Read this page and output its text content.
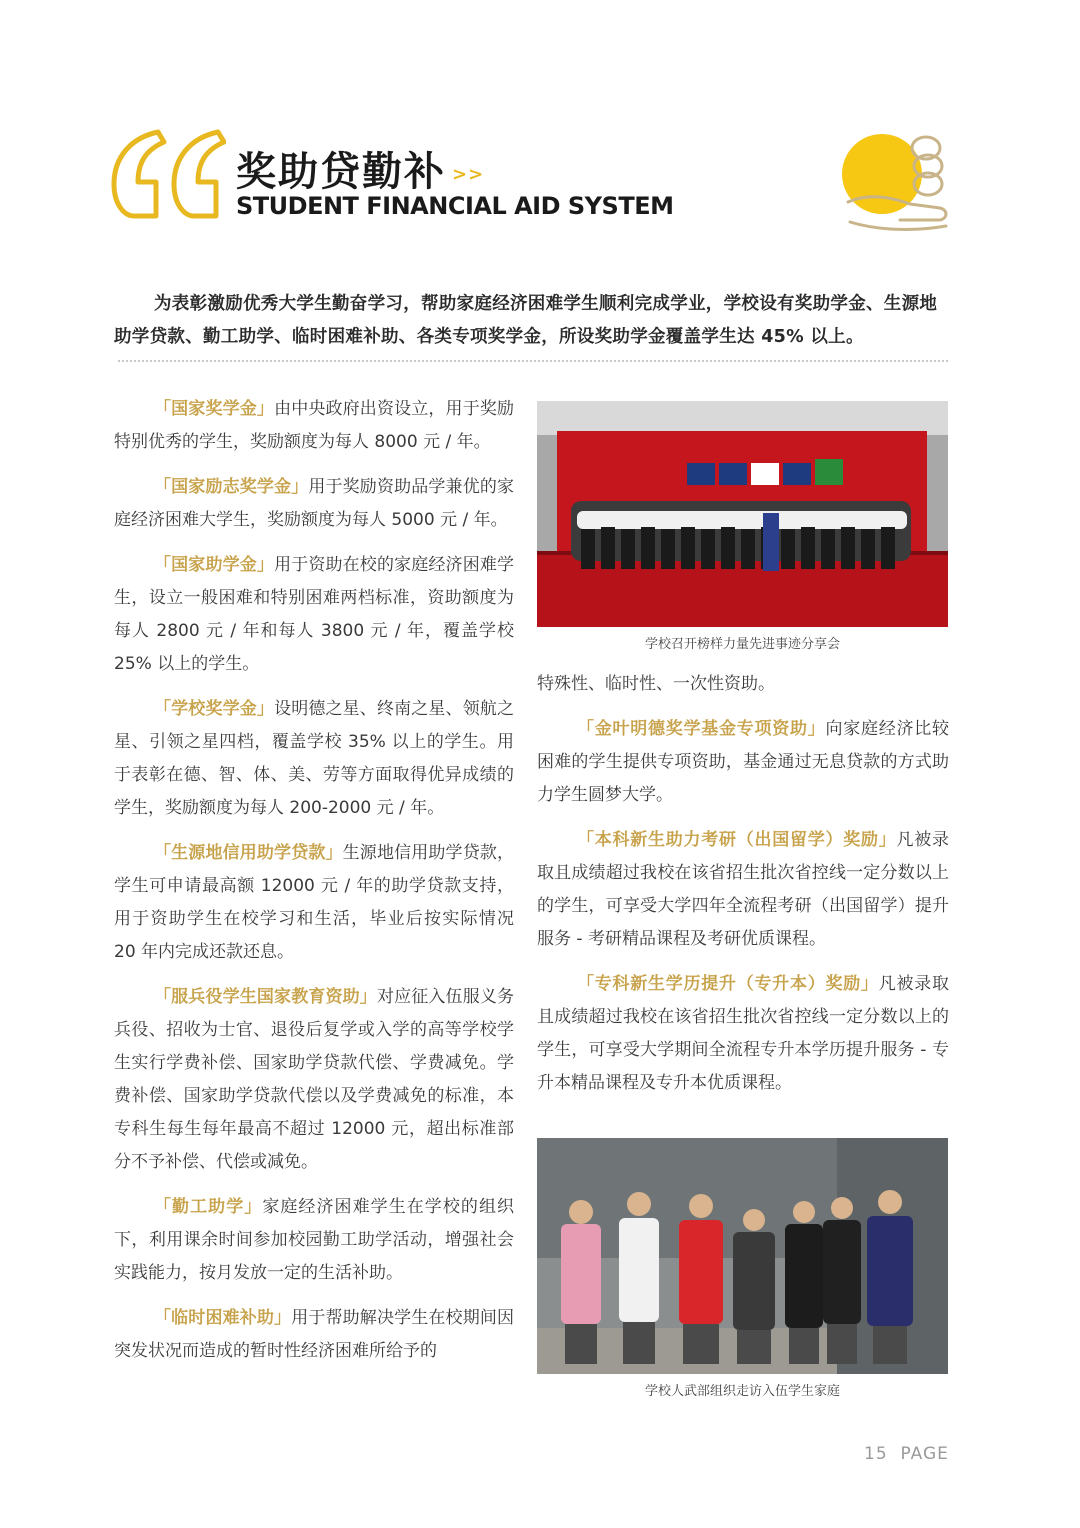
奖助贷勤补 >>
STUDENT FINANCIAL AID SYSTEM

为表彰激励优秀大学生勤奋学习，帮助家庭经济困难学生顺利完成学业，学校设有奖助学金、生源地助学贷款、勤工助学、临时困难补助、各类专项奖学金，所设奖助学金覆盖学生达 45% 以上。

「国家奖学金」由中央政府出资设立，用于奖励特别优秀的学生，奖励额度为每人 8000 元 / 年。

「国家励志奖学金」用于奖励资助品学兼优的家庭经济困难大学生，奖励额度为每人 5000 元 / 年。

「国家助学金」用于资助在校的家庭经济困难学生，设立一般困难和特别困难两档标准，资助额度为每人 2800 元 / 年和每人 3800 元 / 年，覆盖学校 25% 以上的学生。

「学校奖学金」设明德之星、终南之星、领航之星、引领之星四档，覆盖学校 35% 以上的学生。用于表彰在德、智、体、美、劳等方面取得优异成绩的学生，奖励额度为每人 200-2000 元 / 年。

「生源地信用助学贷款」生源地信用助学贷款，学生可申请最高额 12000 元 / 年的助学贷款支持，用于资助学生在校学习和生活，毕业后按实际情况 20 年内完成还款还息。

「服兵役学生国家教育资助」对应征入伍服义务兵役、招收为士官、退役后复学或入学的高等学校学生实行学费补偿、国家助学贷款代偿、学费减免。学费补偿、国家助学贷款代偿以及学费减免的标准，本专科生每生每年最高不超过 12000 元，超出标准部分不予补偿、代偿或减免。

「勤工助学」家庭经济困难学生在学校的组织下，利用课余时间参加校园勤工助学活动，增强社会实践能力，按月发放一定的生活补助。

「临时困难补助」用于帮助解决学生在校期间因突发状况而造成的暂时性经济困难所给予的

学校召开榜样力量先进事迹分享会

特殊性、临时性、一次性资助。

「金叶明德奖学基金专项资助」向家庭经济比较困难的学生提供专项资助，基金通过无息贷款的方式助力学生圆梦大学。

「本科新生助力考研（出国留学）奖励」凡被录取且成绩超过我校在该省招生批次省控线一定分数以上的学生，可享受大学四年全流程考研（出国留学）提升服务 - 考研精品课程及考研优质课程。

「专科新生学历提升（专升本）奖励」凡被录取且成绩超过我校在该省招生批次省控线一定分数以上的学生，可享受大学期间全流程专升本学历提升服务 - 专升本精品课程及专升本优质课程。

学校人武部组织走访入伍学生家庭
15 PAGE
